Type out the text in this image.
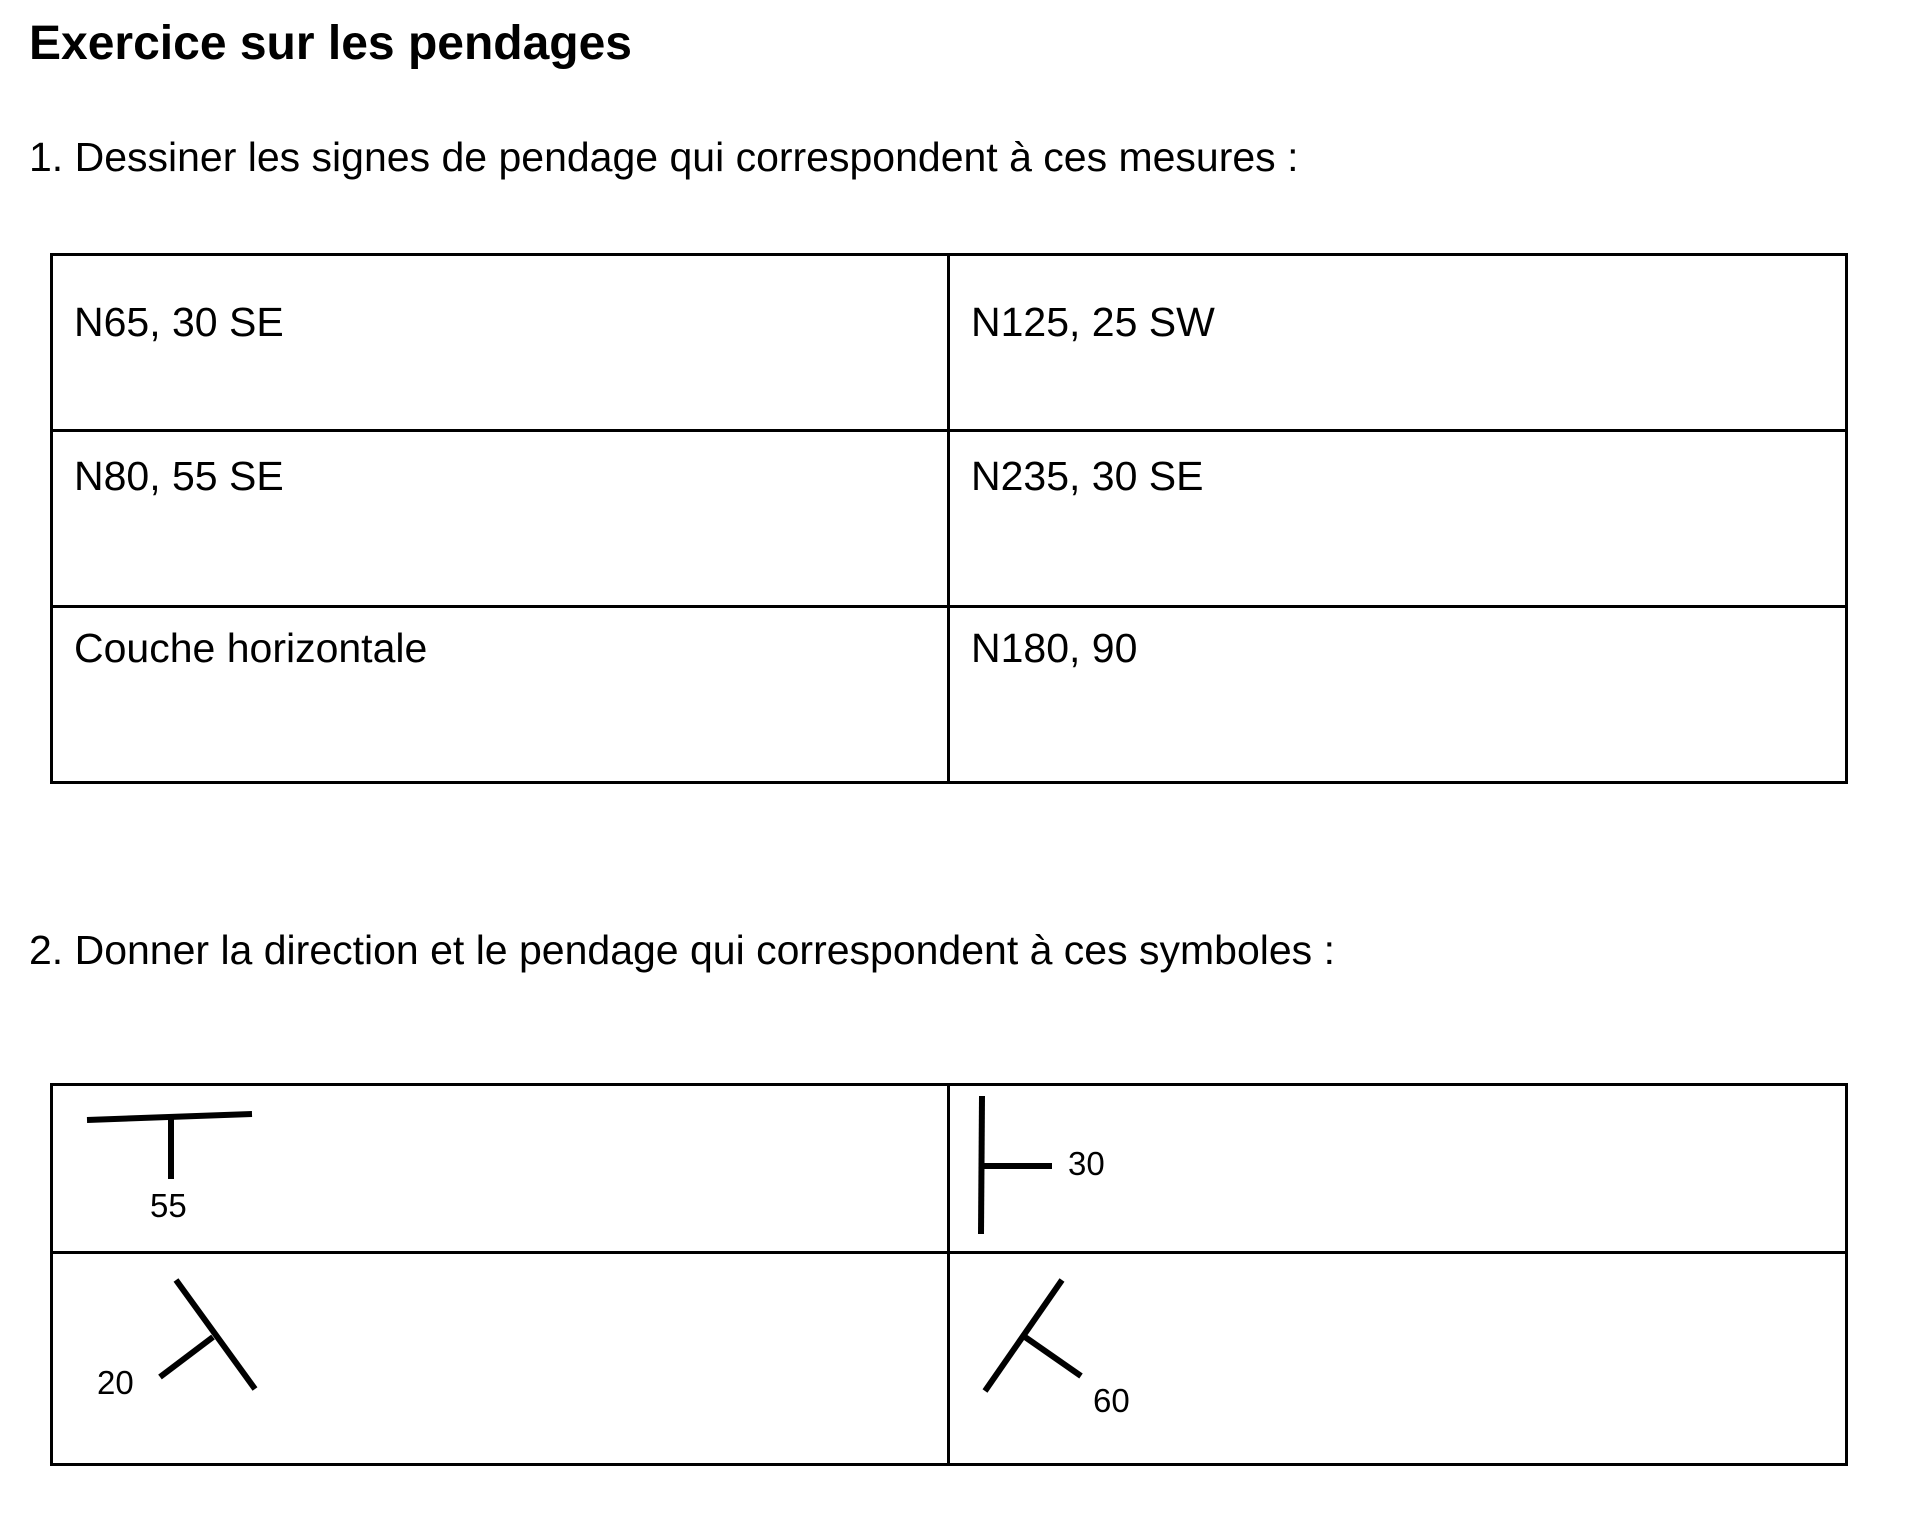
Exercice sur les pendages

1. Dessiner les signes de pendage qui correspondent à ces mesures :

N65, 30 SE	N125, 25 SW

N80, 55 SE	N235, 30 SE

Couche horizontale	N180, 90

2. Donner la direction et le pendage qui correspondent à ces symboles :

55	30

20	60
